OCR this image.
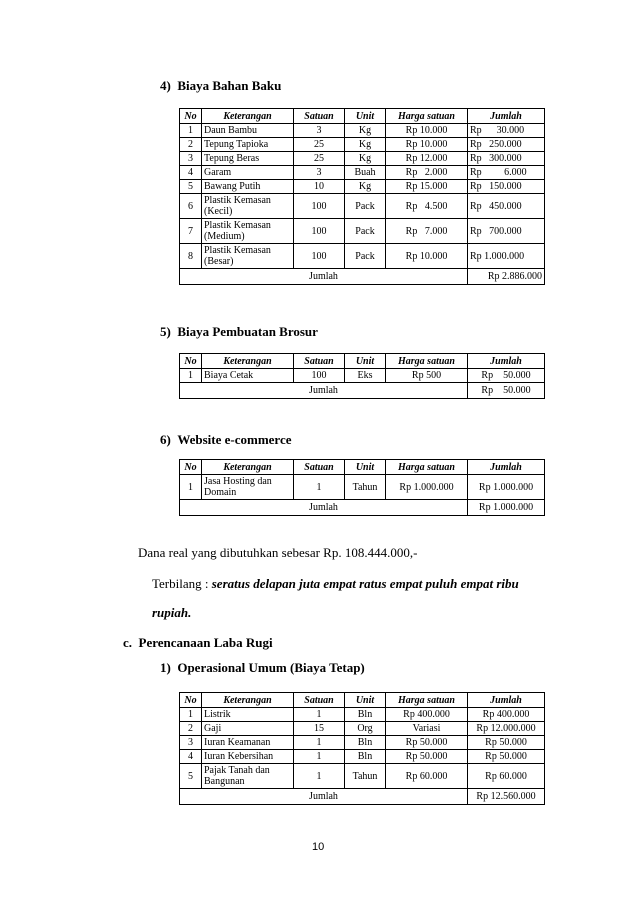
4)  Biaya Bahan Baku
No	Keterangan	Satuan	Unit	Harga satuan	Jumlah
1	Daun Bambu	3	Kg	Rp 10.000	Rp      30.000
2	Tepung Tapioka	25	Kg	Rp 10.000	Rp   250.000
3	Tepung Beras	25	Kg	Rp 12.000	Rp   300.000
4	Garam	3	Buah	Rp   2.000	Rp         6.000
5	Bawang Putih	10	Kg	Rp 15.000	Rp   150.000
6	Plastik Kemasan (Kecil)	100	Pack	Rp   4.500	Rp   450.000
7	Plastik Kemasan (Medium)	100	Pack	Rp   7.000	Rp   700.000
8	Plastik Kemasan (Besar)	100	Pack	Rp 10.000	Rp 1.000.000
Jumlah					Rp 2.886.000
5)  Biaya Pembuatan Brosur
No	Keterangan	Satuan	Unit	Harga satuan	Jumlah
1	Biaya Cetak	100	Eks	Rp 500	Rp    50.000
Jumlah					Rp    50.000
6)  Website e-commerce
No	Keterangan	Satuan	Unit	Harga satuan	Jumlah
1	Jasa Hosting dan Domain	1	Tahun	Rp 1.000.000	Rp 1.000.000
Jumlah					Rp 1.000.000
Dana real yang dibutuhkan sebesar Rp. 108.444.000,-
Terbilang : seratus delapan juta empat ratus empat puluh empat ribu
rupiah.
c.  Perencanaan Laba Rugi
1)  Operasional Umum (Biaya Tetap)
No	Keterangan	Satuan	Unit	Harga satuan	Jumlah
1	Listrik	1	Bln	Rp 400.000	Rp 400.000
2	Gaji	15	Org	Variasi	Rp 12.000.000
3	Iuran Keamanan	1	Bln	Rp 50.000	Rp 50.000
4	Iuran Kebersihan	1	Bln	Rp 50.000	Rp 50.000
5	Pajak Tanah dan Bangunan	1	Tahun	Rp 60.000	Rp 60.000
Jumlah					Rp 12.560.000
10
